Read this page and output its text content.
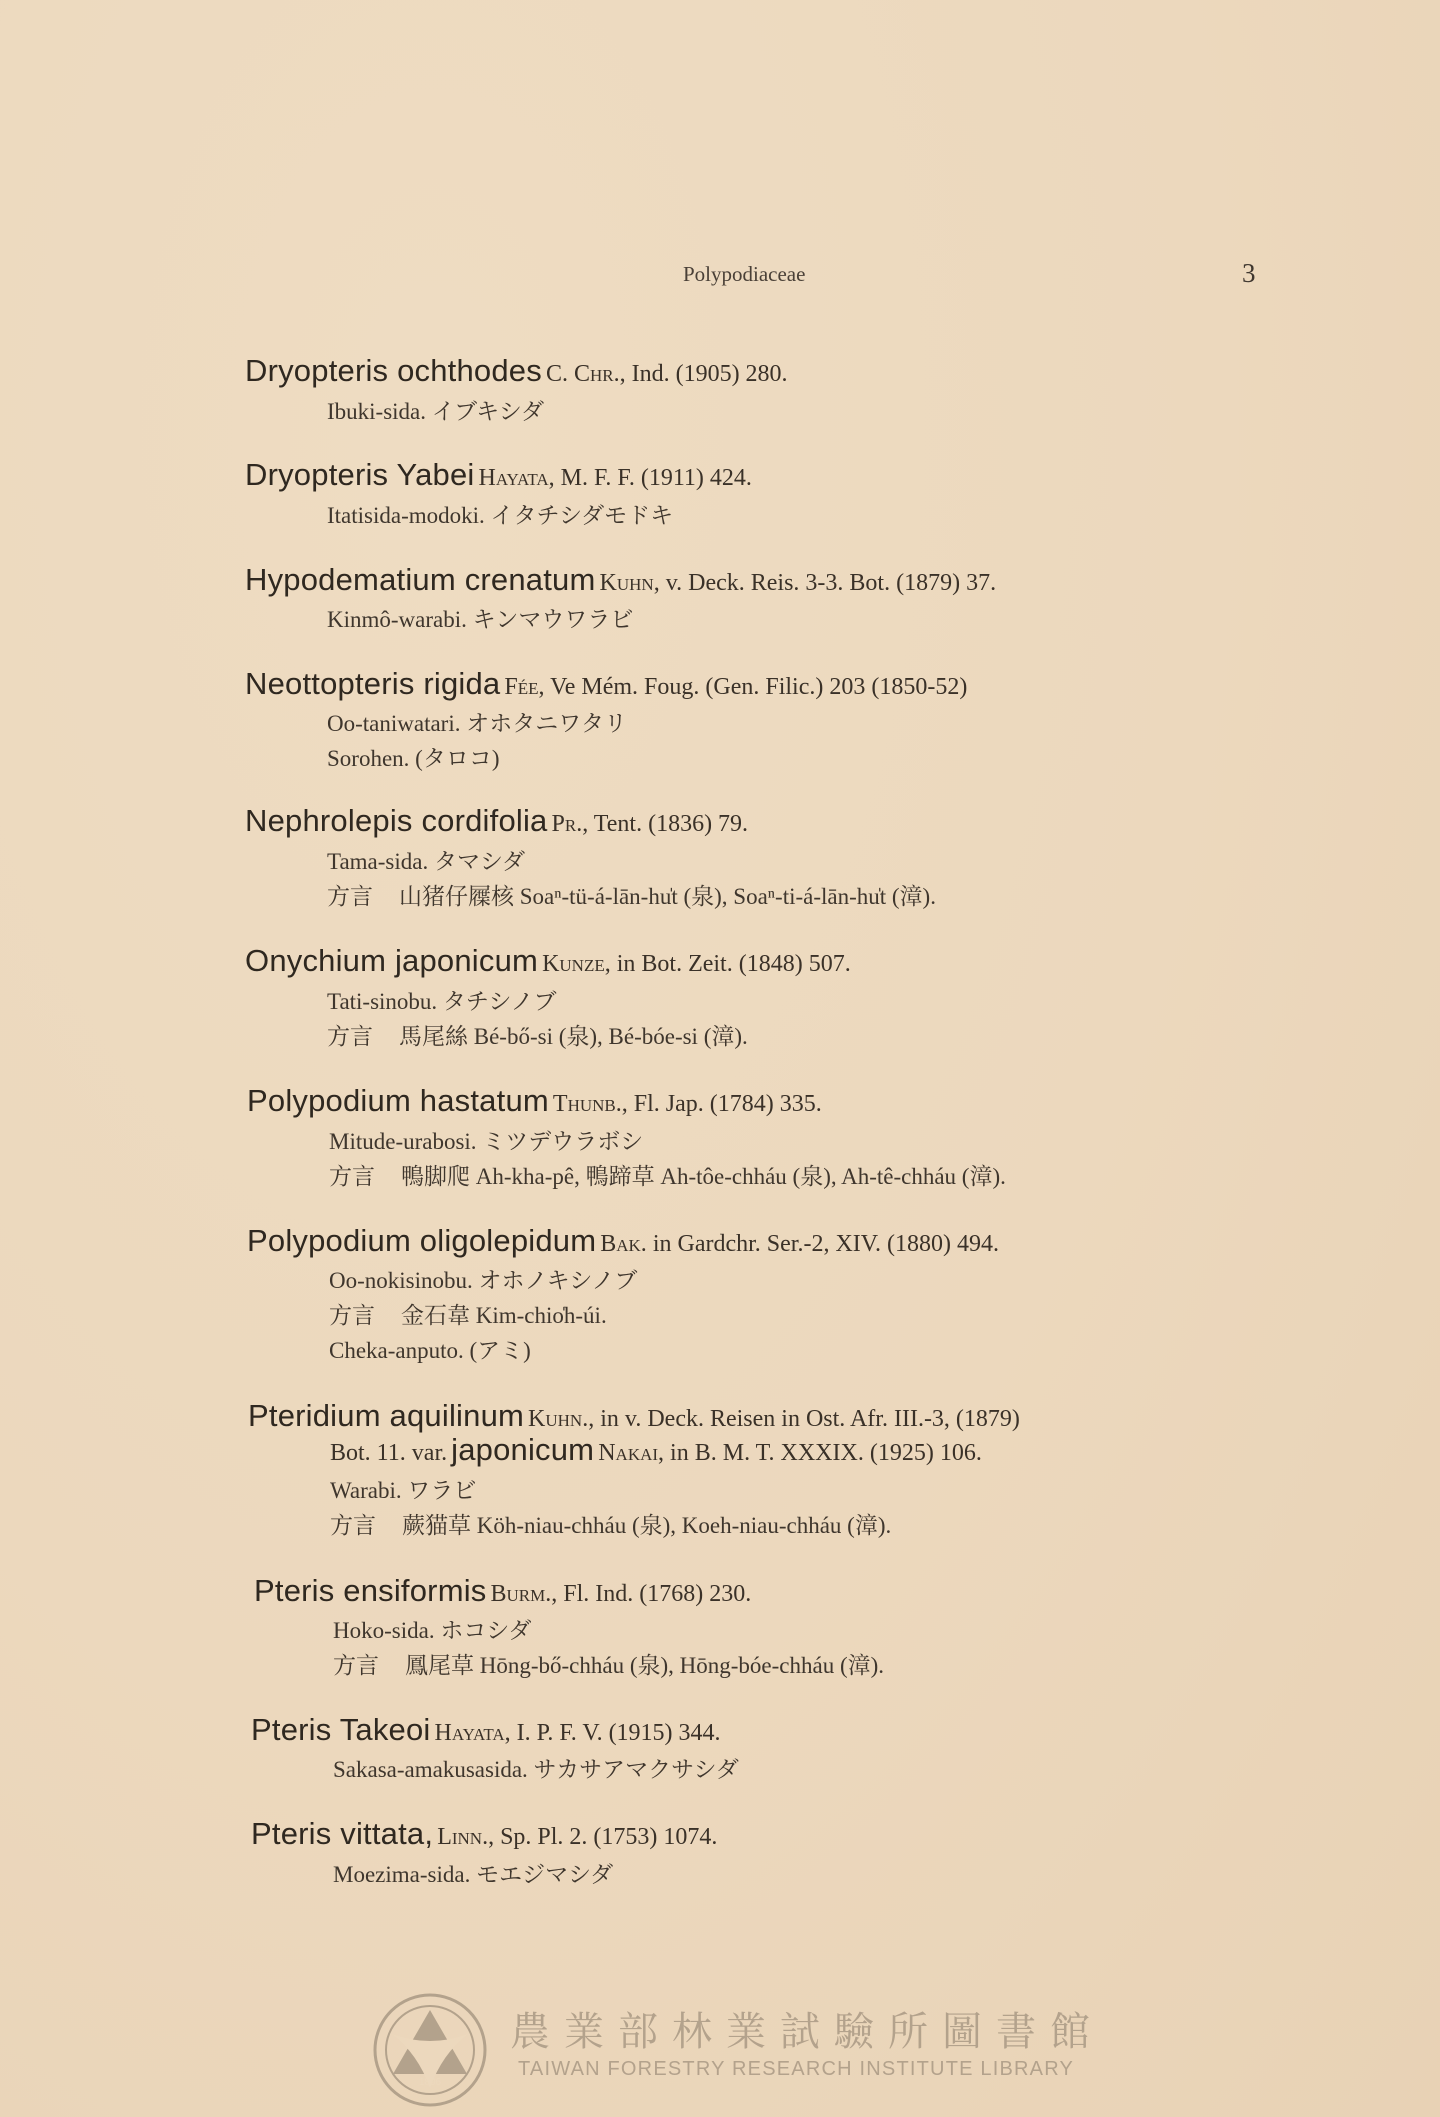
Polypodiaceae	3
Dryopteris ochthodes C. Chr., Ind. (1905) 280.
Ibuki-sida. イブキシダ
Dryopteris Yabei Hayata, M. F. F. (1911) 424.
Itatisida-modoki. イタチシダモドキ
Hypodematium crenatum Kuhn, v. Deck. Reis. 3-3. Bot. (1879) 37.
Kinmô-warabi. キンマウワラビ
Neottopteris rigida Fée, Ve Mém. Foug. (Gen. Filic.) 203 (1850-52)
Oo-taniwatari. オホタニワタリ
Sorohen. (タロコ)
Nephrolepis cordifolia Pr., Tent. (1836) 79.
Tama-sida. タマシダ
方言 山猪仔屧核 Soaⁿ-tü-á-lān-hu̍t (泉), Soaⁿ-ti-á-lān-hu̍t (漳).
Onychium japonicum Kunze, in Bot. Zeit. (1848) 507.
Tati-sinobu. タチシノブ
方言 馬尾絲 Bé-bő-si (泉), Bé-bóe-si (漳).
Polypodium hastatum Thunb., Fl. Jap. (1784) 335.
Mitude-urabosi. ミツデウラボシ
方言 鴨脚爬 Ah-kha-pê, 鴨蹄草 Ah-tôe-chháu (泉), Ah-tê-chháu (漳).
Polypodium oligolepidum Bak. in Gardchr. Ser.-2, XIV. (1880) 494.
Oo-nokisinobu. オホノキシノブ
方言 金石韋 Kim-chio̍h-úi.
Cheka-anputo. (アミ)
Pteridium aquilinum Kuhn., in v. Deck. Reisen in Ost. Afr. III.-3, (1879)
Bot. 11. var. japonicum Nakai, in B. M. T. XXXIX. (1925) 106.
Warabi. ワラビ
方言 蕨猫草 Köh-niau-chháu (泉), Koeh-niau-chháu (漳).
Pteris ensiformis Burm., Fl. Ind. (1768) 230.
Hoko-sida. ホコシダ
方言 鳳尾草 Hōng-bő-chháu (泉), Hōng-bóe-chháu (漳).
Pteris Takeoi Hayata, I. P. F. V. (1915) 344.
Sakasa-amakusasida. サカサアマクサシダ
Pteris vittata, Linn., Sp. Pl. 2. (1753) 1074.
Moezima-sida. モエジマシダ
1896
農業部林業試驗所圖書館
TAIWAN FORESTRY RESEARCH INSTITUTE LIBRARY
